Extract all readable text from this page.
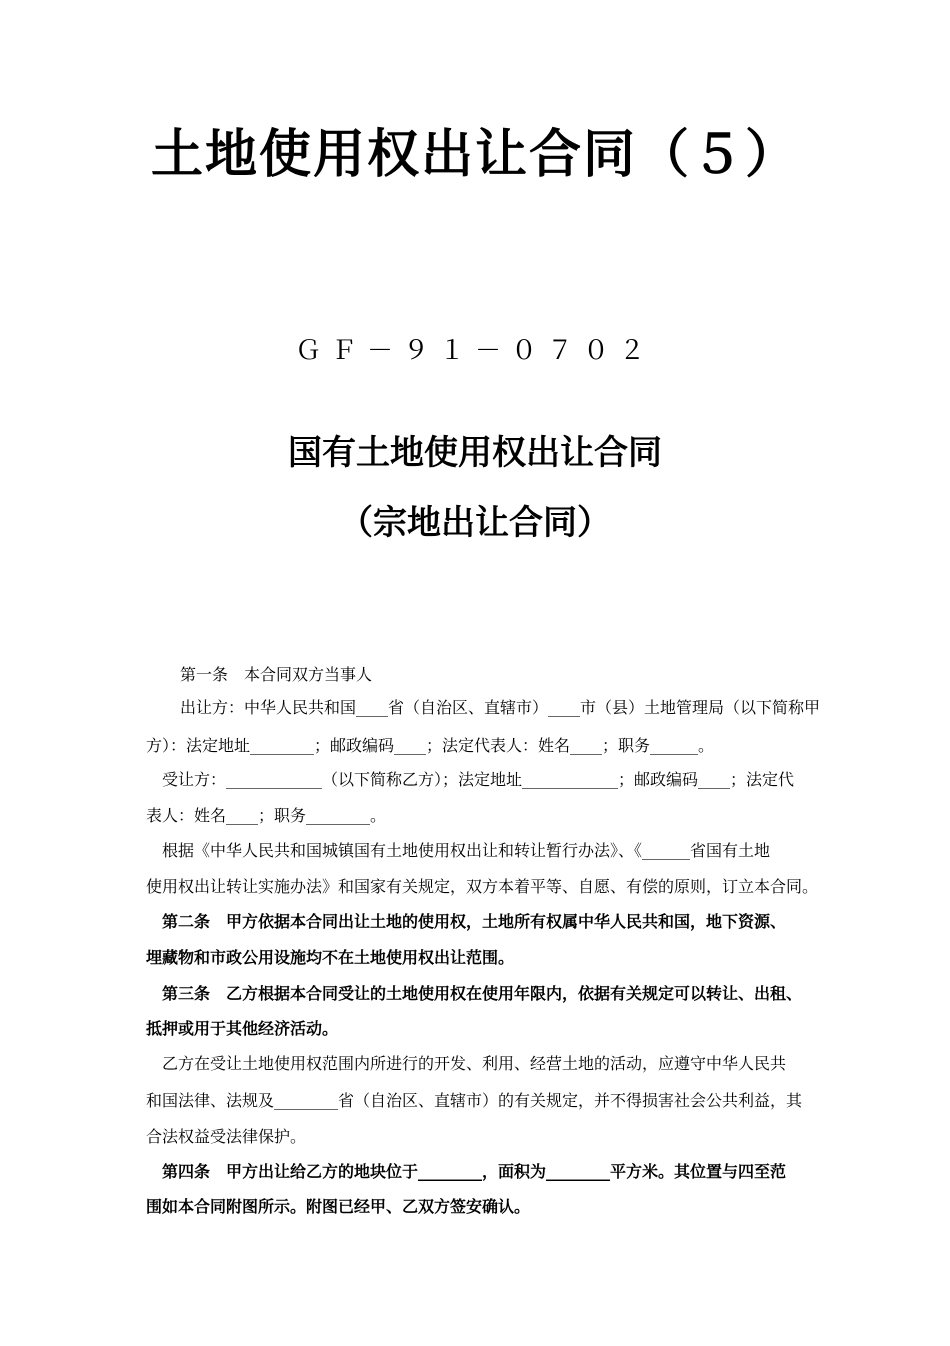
土地使用权出让合同（５）
ＧＦ－９１－０７０２
国有土地使用权出让合同
（宗地出让合同）
第一条　本合同双方当事人
出让方：中华人民共和国____省（自治区、直辖市）____市（县）土地管理局（以下简称甲
方）：法定地址________；邮政编码____；法定代表人：姓名____；职务______。
受让方：____________（以下简称乙方）；法定地址____________；邮政编码____；法定代
表人：姓名____；职务________。
根据《中华人民共和国城镇国有土地使用权出让和转让暂行办法》、《______省国有土地
使用权出让转让实施办法》和国家有关规定，双方本着平等、自愿、有偿的原则，订立本合同。
第二条　甲方依据本合同出让土地的使用权，土地所有权属中华人民共和国，地下资源、
埋藏物和市政公用设施均不在土地使用权出让范围。
第三条　乙方根据本合同受让的土地使用权在使用年限内，依据有关规定可以转让、出租、
抵押或用于其他经济活动。
乙方在受让土地使用权范围内所进行的开发、利用、经营土地的活动，应遵守中华人民共
和国法律、法规及________省（自治区、直辖市）的有关规定，并不得损害社会公共利益，其
合法权益受法律保护。
第四条　甲方出让给乙方的地块位于________，面积为________平方米。其位置与四至范
围如本合同附图所示。附图已经甲、乙双方签安确认。
